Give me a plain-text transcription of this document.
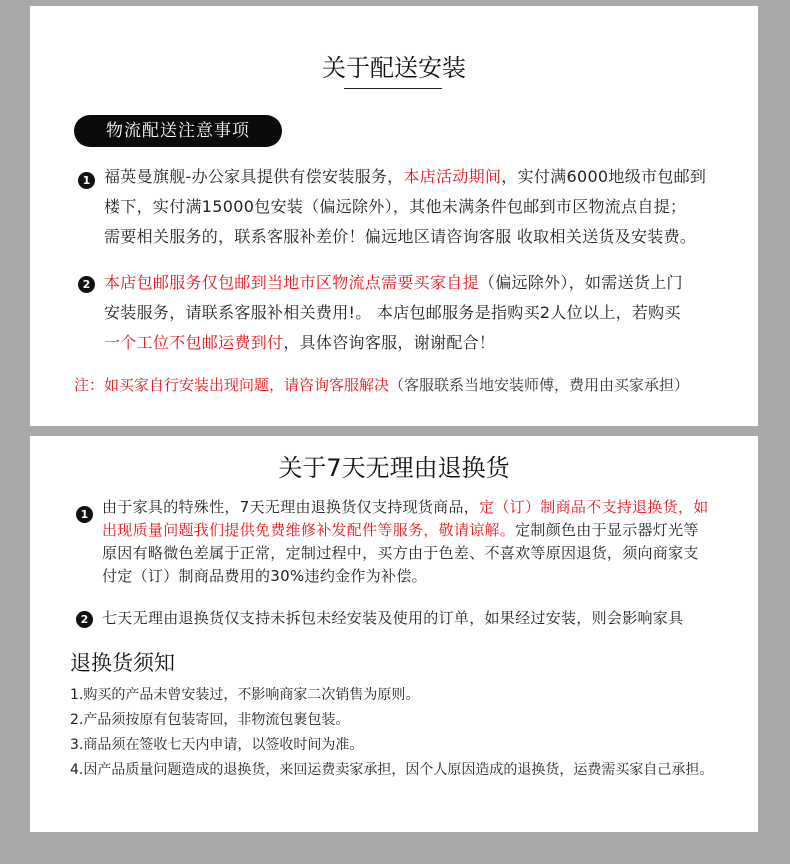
关于配送安装
物流配送注意事项
1 福英曼旗舰-办公家具提供有偿安装服务，本店活动期间，实付满6000地级市包邮到
楼下，实付满15000包安装（偏远除外），其他未满条件包邮到市区物流点自提；
需要相关服务的，联系客服补差价！偏远地区请咨询客服 收取相关送货及安装费。
2 本店包邮服务仅包邮到当地市区物流点需要买家自提（偏远除外），如需送货上门
安装服务，请联系客服补相关费用!。 本店包邮服务是指购买2人位以上，若购买
一个工位不包邮运费到付，具体咨询客服，谢谢配合！
注：如买家自行安装出现问题，请咨询客服解决（客服联系当地安装师傅，费用由买家承担）
关于7天无理由退换货
1 由于家具的特殊性，7天无理由退换货仅支持现货商品，定（订）制商品不支持退换货，如
出现质量问题我们提供免费维修补发配件等服务，敬请谅解。定制颜色由于显示器灯光等
原因有略微色差属于正常，定制过程中，买方由于色差、不喜欢等原因退货，须向商家支
付定（订）制商品费用的30%违约金作为补偿。
2 七天无理由退换货仅支持未拆包未经安装及使用的订单，如果经过安装，则会影响家具
退换货须知
1.购买的产品未曾安装过，不影响商家二次销售为原则。
2.产品须按原有包装寄回，非物流包裹包装。
3.商品须在签收七天内申请，以签收时间为准。
4.因产品质量问题造成的退换货，来回运费卖家承担，因个人原因造成的退换货，运费需买家自己承担。
